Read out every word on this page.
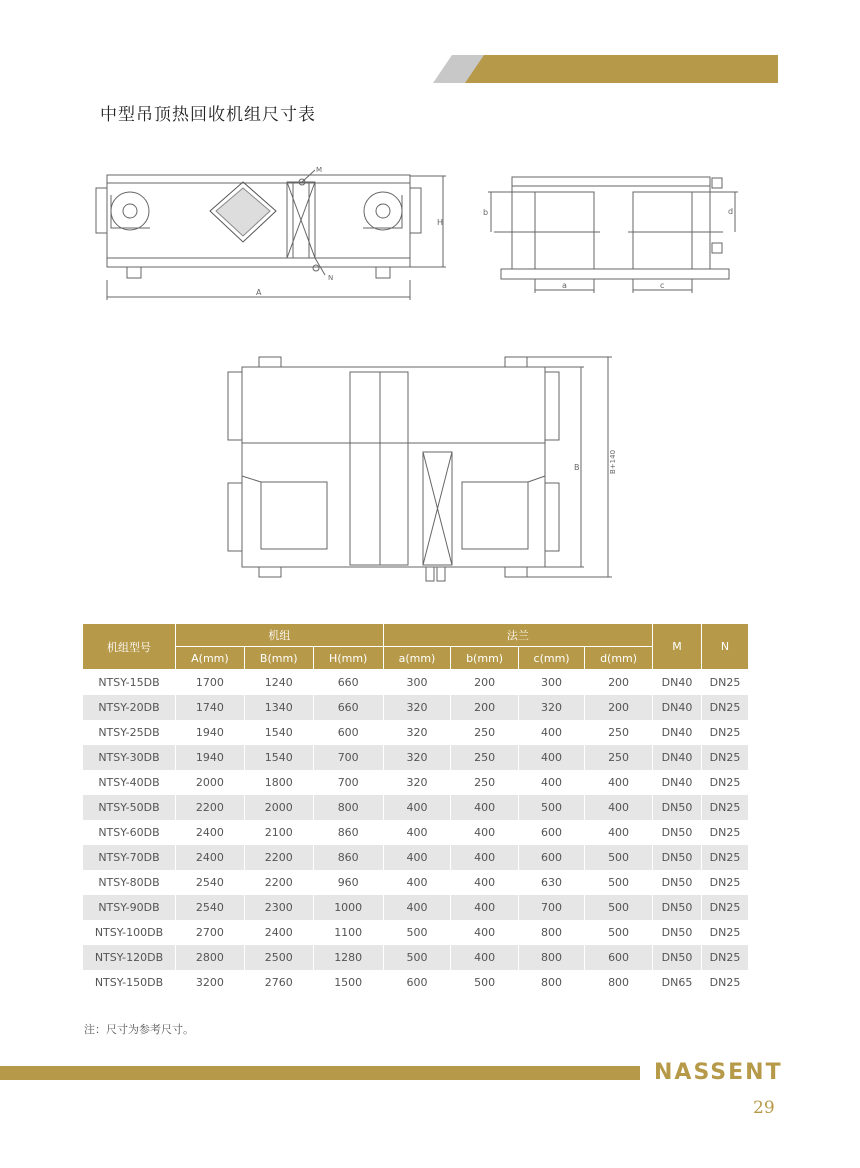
中型吊顶热回收机组尺寸表
A
H
M
N
b	d
a	c
B	B+140
机组型号	机组			法兰				M	N
	A(mm)	B(mm)	H(mm)	a(mm)	b(mm)	c(mm)	d(mm)		
NTSY-15DB	1700	1240	660	300	200	300	200	DN40	DN25
NTSY-20DB	1740	1340	660	320	200	320	200	DN40	DN25
NTSY-25DB	1940	1540	600	320	250	400	250	DN40	DN25
NTSY-30DB	1940	1540	700	320	250	400	250	DN40	DN25
NTSY-40DB	2000	1800	700	320	250	400	400	DN40	DN25
NTSY-50DB	2200	2000	800	400	400	500	400	DN50	DN25
NTSY-60DB	2400	2100	860	400	400	600	400	DN50	DN25
NTSY-70DB	2400	2200	860	400	400	600	500	DN50	DN25
NTSY-80DB	2540	2200	960	400	400	630	500	DN50	DN25
NTSY-90DB	2540	2300	1000	400	400	700	500	DN50	DN25
NTSY-100DB	2700	2400	1100	500	400	800	500	DN50	DN25
NTSY-120DB	2800	2500	1280	500	400	800	600	DN50	DN25
NTSY-150DB	3200	2760	1500	600	500	800	800	DN65	DN25
注：尺寸为参考尺寸。
NASSENT
29
